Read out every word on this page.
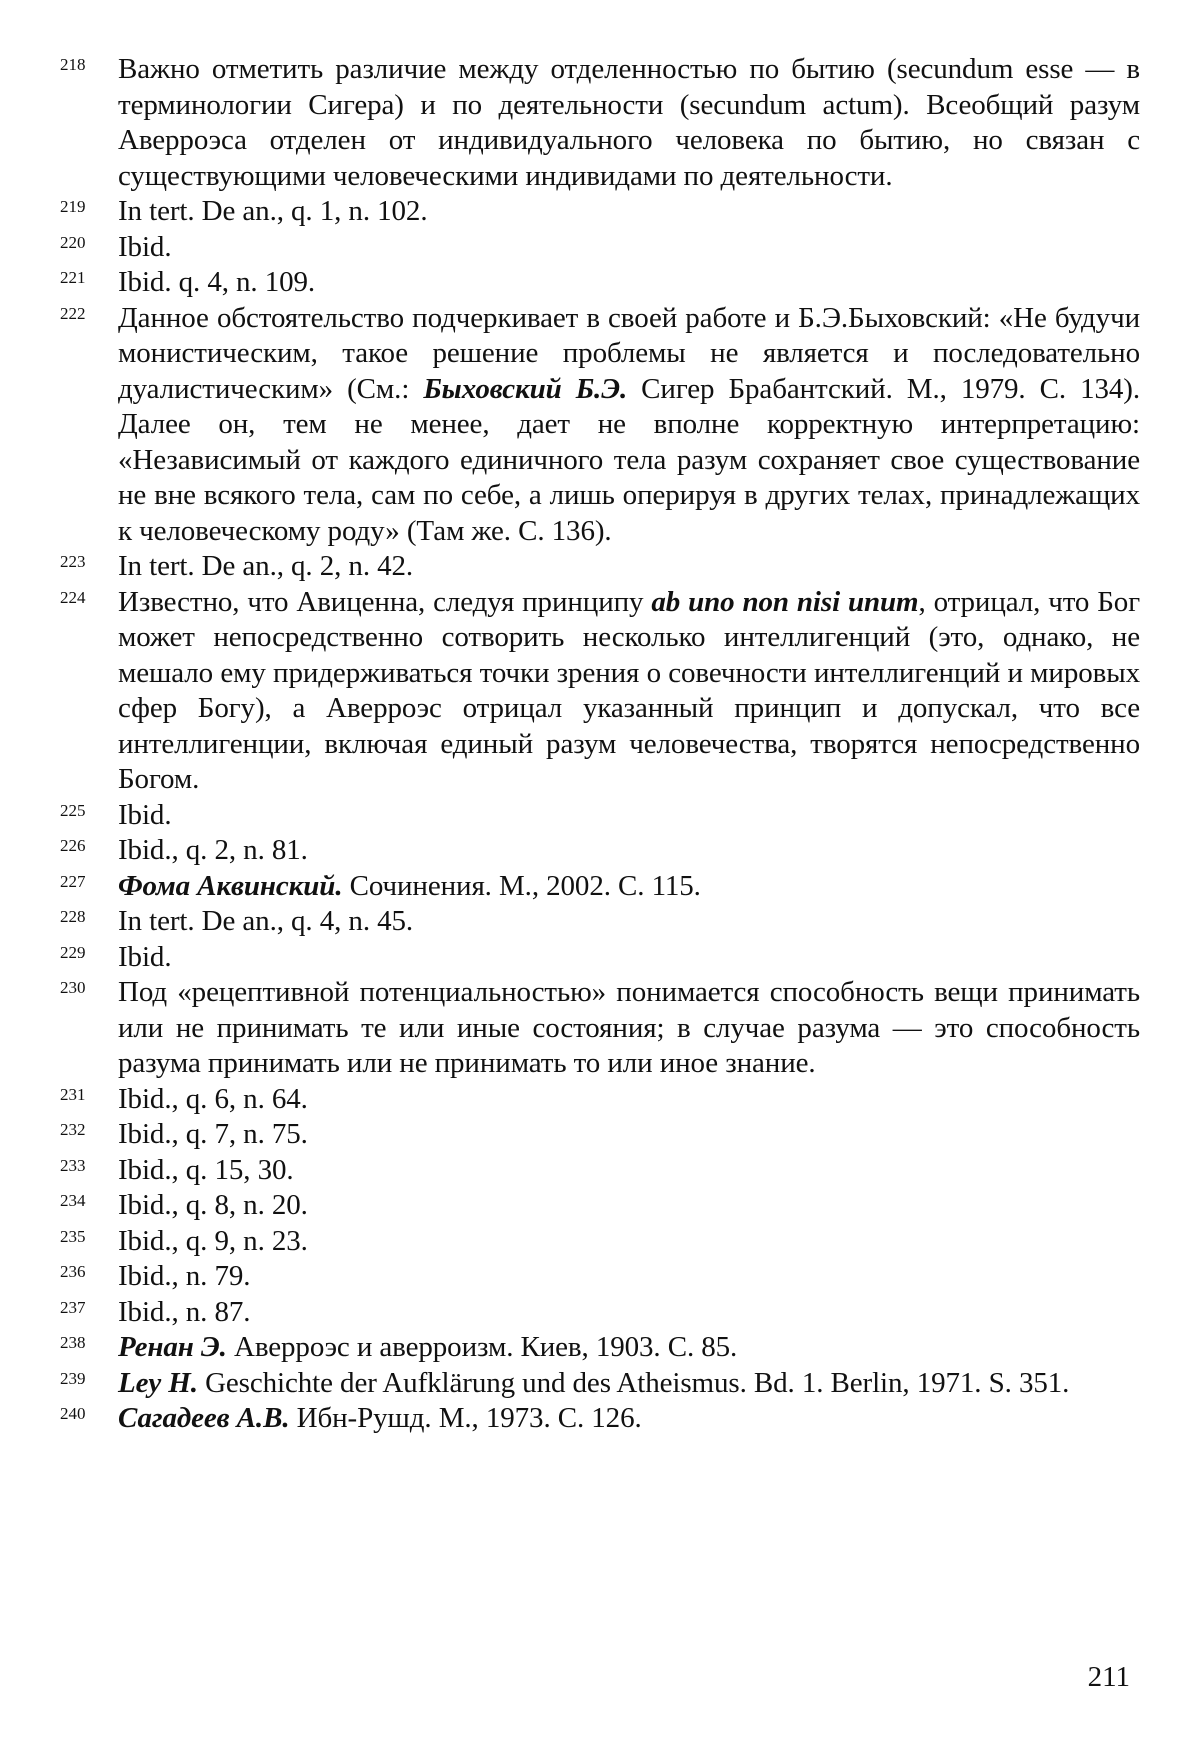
218	Важно отметить различие между отделенностью по бытию (secundum esse — в терминологии Сигера) и по деятельности (secundum actum). Всеобщий разум Аверроэса отделен от индивидуального человека по бытию, но связан с существующими человеческими индивидами по деятельности.
219	In tert. De an., q. 1, n. 102.
220	Ibid.
221	Ibid. q. 4, n. 109.
222	Данное обстоятельство подчеркивает в своей работе и Б.Э.Быховский: «Не будучи монистическим, такое решение проблемы не является и последовательно дуалистическим» (См.: Быховский Б.Э. Сигер Брабантский. М., 1979. С. 134). Далее он, тем не менее, дает не вполне корректную интерпретацию: «Независимый от каждого единичного тела разум сохраняет свое существование не вне всякого тела, сам по себе, а лишь оперируя в других телах, принадлежащих к человеческому роду» (Там же. С. 136).
223	In tert. De an., q. 2, n. 42.
224	Известно, что Авиценна, следуя принципу ab uno non nisi unum, отрицал, что Бог может непосредственно сотворить несколько интеллигенций (это, однако, не мешало ему придерживаться точки зрения о совечности интеллигенций и мировых сфер Богу), а Аверроэс отрицал указанный принцип и допускал, что все интеллигенции, включая единый разум человечества, творятся непосредственно Богом.
225	Ibid.
226	Ibid., q. 2, n. 81.
227	Фома Аквинский. Сочинения. М., 2002. С. 115.
228	In tert. De an., q. 4, n. 45.
229	Ibid.
230	Под «рецептивной потенциальностью» понимается способность вещи принимать или не принимать те или иные состояния; в случае разума — это способность разума принимать или не принимать то или иное знание.
231	Ibid., q. 6, n. 64.
232	Ibid., q. 7, n. 75.
233	Ibid., q. 15, 30.
234	Ibid., q. 8, n. 20.
235	Ibid., q. 9, n. 23.
236	Ibid., n. 79.
237	Ibid., n. 87.
238	Ренан Э. Аверроэс и аверроизм. Киев, 1903. С. 85.
239	Ley H. Geschichte der Aufklärung und des Atheismus. Bd. 1. Berlin, 1971. S. 351.
240	Сагадеев А.В. Ибн-Рушд. М., 1973. С. 126.
211
